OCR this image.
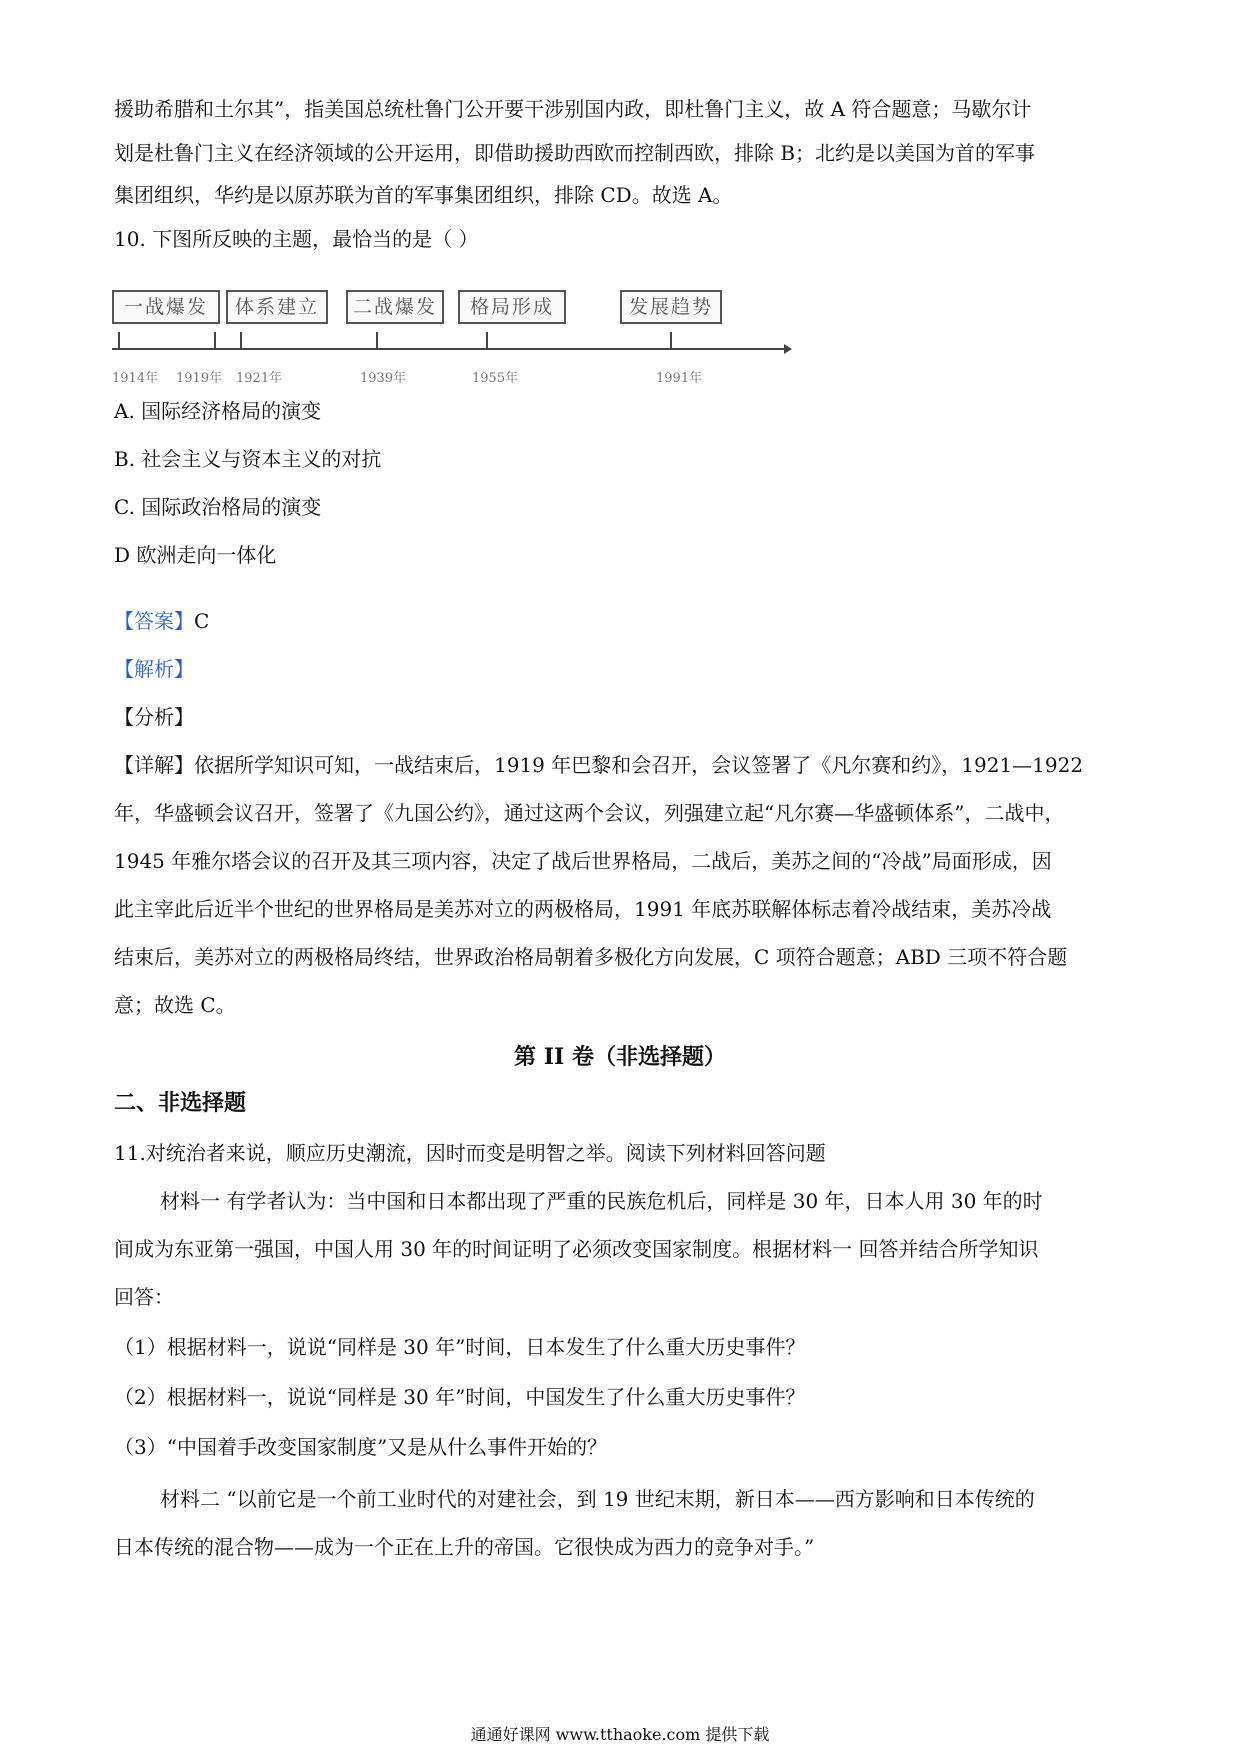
援助希腊和土尔其”，指美国总统杜鲁门公开要干涉别国内政，即杜鲁门主义，故 A 符合题意；马歇尔计
划是杜鲁门主义在经济领域的公开运用，即借助援助西欧而控制西欧，排除 B；北约是以美国为首的军事
集团组织，华约是以原苏联为首的军事集团组织，排除 CD。故选 A。
10. 下图所反映的主题，最恰当的是（ ）
一战爆发	体系建立	二战爆发	格局形成	发展趋势
1914年 1919年 1921年	1939年	1955年	1991年
A. 国际经济格局的演变
B. 社会主义与资本主义的对抗
C. 国际政治格局的演变
D 欧洲走向一体化
【答案】C
【解析】
【分析】
【详解】依据所学知识可知，一战结束后，1919 年巴黎和会召开，会议签署了《凡尔赛和约》，1921—1922
年，华盛顿会议召开，签署了《九国公约》，通过这两个会议，列强建立起“凡尔赛—华盛顿体系”，二战中，
1945 年雅尔塔会议的召开及其三项内容，决定了战后世界格局，二战后，美苏之间的“冷战”局面形成，因
此主宰此后近半个世纪的世界格局是美苏对立的两极格局，1991 年底苏联解体标志着冷战结束，美苏冷战
结束后，美苏对立的两极格局终结，世界政治格局朝着多极化方向发展，C 项符合题意；ABD 三项不符合题
意；故选 C。
第 II 卷（非选择题）
二、非选择题
11.对统治者来说，顺应历史潮流，因时而变是明智之举。阅读下列材料回答问题
材料一 有学者认为：当中国和日本都出现了严重的民族危机后，同样是 30 年，日本人用 30 年的时
间成为东亚第一强国，中国人用 30 年的时间证明了必须改变国家制度。根据材料一 回答并结合所学知识
回答：
（1）根据材料一，说说“同样是 30 年”时间，日本发生了什么重大历史事件？
（2）根据材料一，说说“同样是 30 年”时间，中国发生了什么重大历史事件？
（3）“中国着手改变国家制度”又是从什么事件开始的？
材料二 “以前它是一个前工业时代的对建社会，到 19 世纪末期，新日本——西方影响和日本传统的
日本传统的混合物——成为一个正在上升的帝国。它很快成为西力的竞争对手。”
通通好课网 www.tthaoke.com 提供下载
